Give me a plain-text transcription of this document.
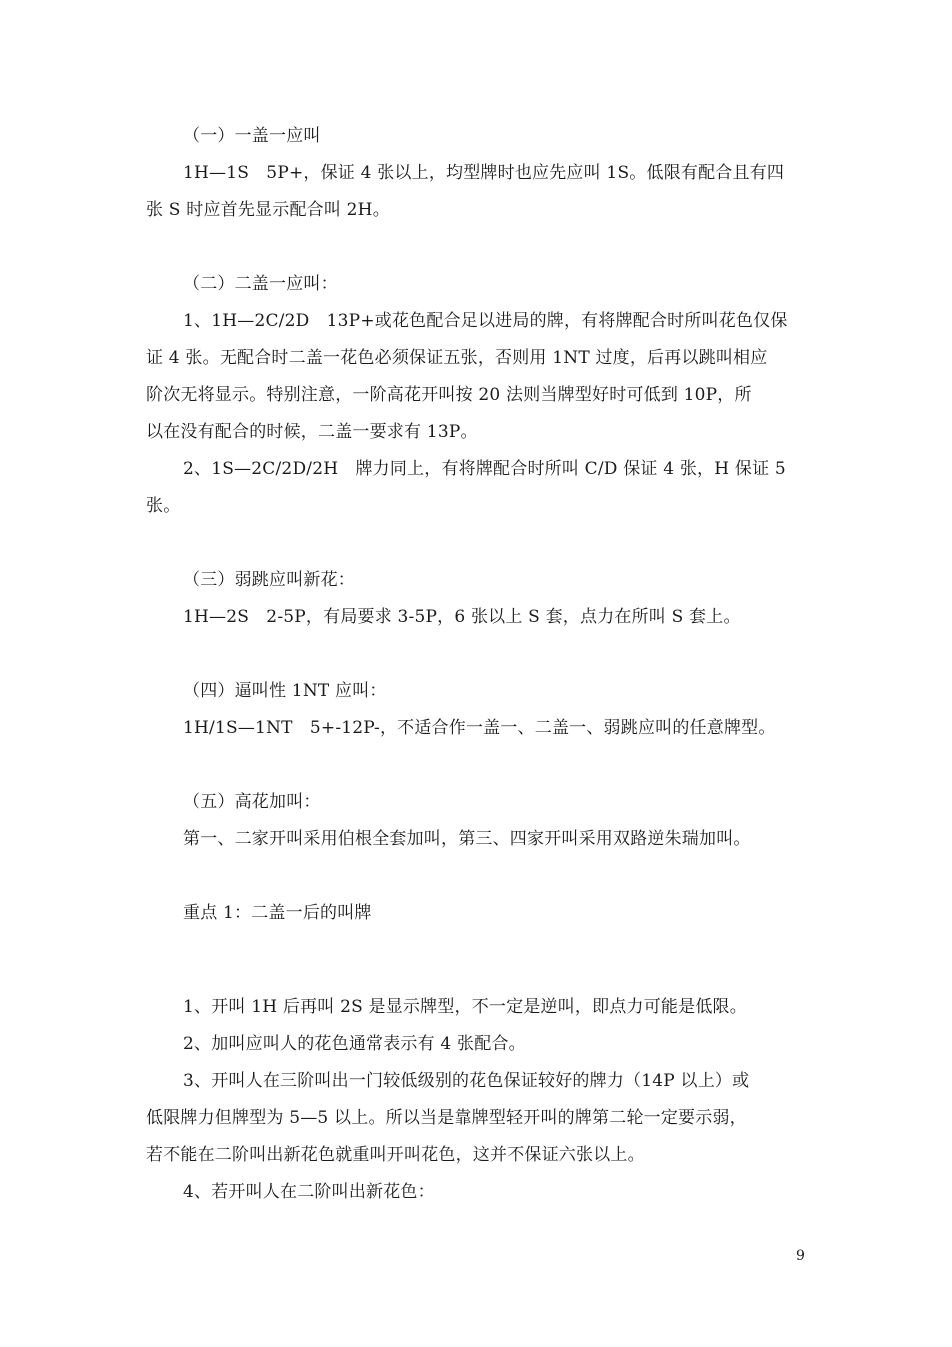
（一）一盖一应叫
1H—1S　5P+，保证 4 张以上，均型牌时也应先应叫 1S。低限有配合且有四
张 S 时应首先显示配合叫 2H。
（二）二盖一应叫：
1、1H—2C/2D　13P+或花色配合足以进局的牌，有将牌配合时所叫花色仅保
证 4 张。无配合时二盖一花色必须保证五张，否则用 1NT 过度，后再以跳叫相应
阶次无将显示。特别注意，一阶高花开叫按 20 法则当牌型好时可低到 10P，所
以在没有配合的时候，二盖一要求有 13P。
2、1S—2C/2D/2H　牌力同上，有将牌配合时所叫 C/D 保证 4 张，H 保证 5
张。
（三）弱跳应叫新花：
1H—2S　2-5P，有局要求 3-5P，6 张以上 S 套，点力在所叫 S 套上。
（四）逼叫性 1NT 应叫：
1H/1S—1NT　5+-12P-，不适合作一盖一、二盖一、弱跳应叫的任意牌型。
（五）高花加叫：
第一、二家开叫采用伯根全套加叫，第三、四家开叫采用双路逆朱瑞加叫。
重点 1：二盖一后的叫牌
1、开叫 1H 后再叫 2S 是显示牌型，不一定是逆叫，即点力可能是低限。
2、加叫应叫人的花色通常表示有 4 张配合。
3、开叫人在三阶叫出一门较低级别的花色保证较好的牌力（14P 以上）或
低限牌力但牌型为 5—5 以上。所以当是靠牌型轻开叫的牌第二轮一定要示弱，
若不能在二阶叫出新花色就重叫开叫花色，这并不保证六张以上。
4、若开叫人在二阶叫出新花色：
9
